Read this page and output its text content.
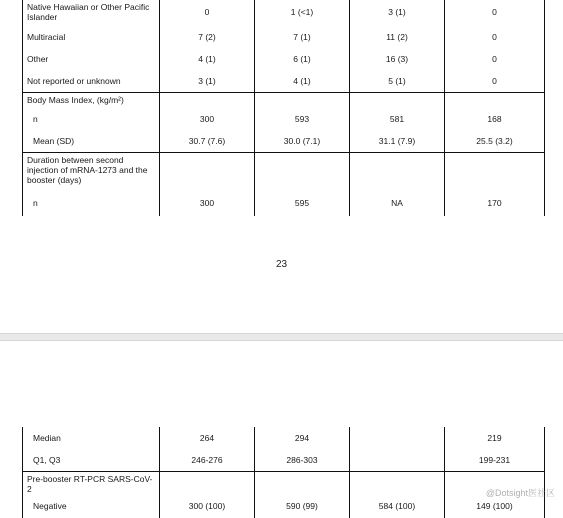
Native Hawaiian or Other Pacific Islander	0	1 (<1)	3 (1)	0
Multiracial	7 (2)	7 (1)	11 (2)	0
Other	4 (1)	6 (1)	16 (3)	0
Not reported or unknown	3 (1)	4 (1)	5 (1)	0
Body Mass Index, (kg/m²)				
n	300	593	581	168
Mean (SD)	30.7 (7.6)	30.0 (7.1)	31.1 (7.9)	25.5 (3.2)
Duration between second injection of mRNA-1273 and the booster (days)				
n	300	595	NA	170
23
Median	264	294		219
Q1, Q3	246-276	286-303		199-231
Pre-booster RT-PCR SARS-CoV-2				
Negative	300 (100)	590 (99)	584 (100)	149 (100)
@Dotsight医社区
